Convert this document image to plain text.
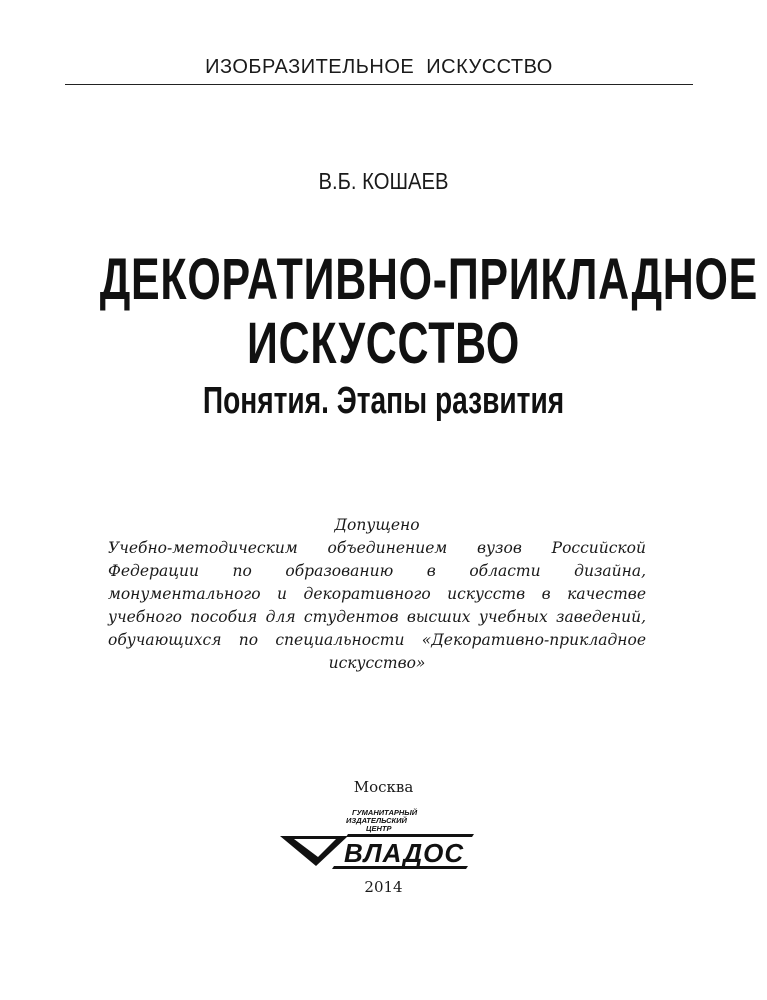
ИЗОБРАЗИТЕЛЬНОЕ ИСКУССТВО
В.Б. КОШАЕВ
ДЕКОРАТИВНО-ПРИКЛАДНОЕ
ИСКУССТВО
Понятия. Этапы развития
Допущено
Учебно-методическим объединением вузов Российской Федерации по образованию в области дизайна, монументального и декоративного искусств в качестве учебного пособия для студентов высших учебных заведений, обучающихся по специальности «Декоративно-прикладное искусство»
Москва
ГУМАНИТАРНЫЙ
ИЗДАТЕЛЬСКИЙ
ЦЕНТР
ВЛАДОС
2014
